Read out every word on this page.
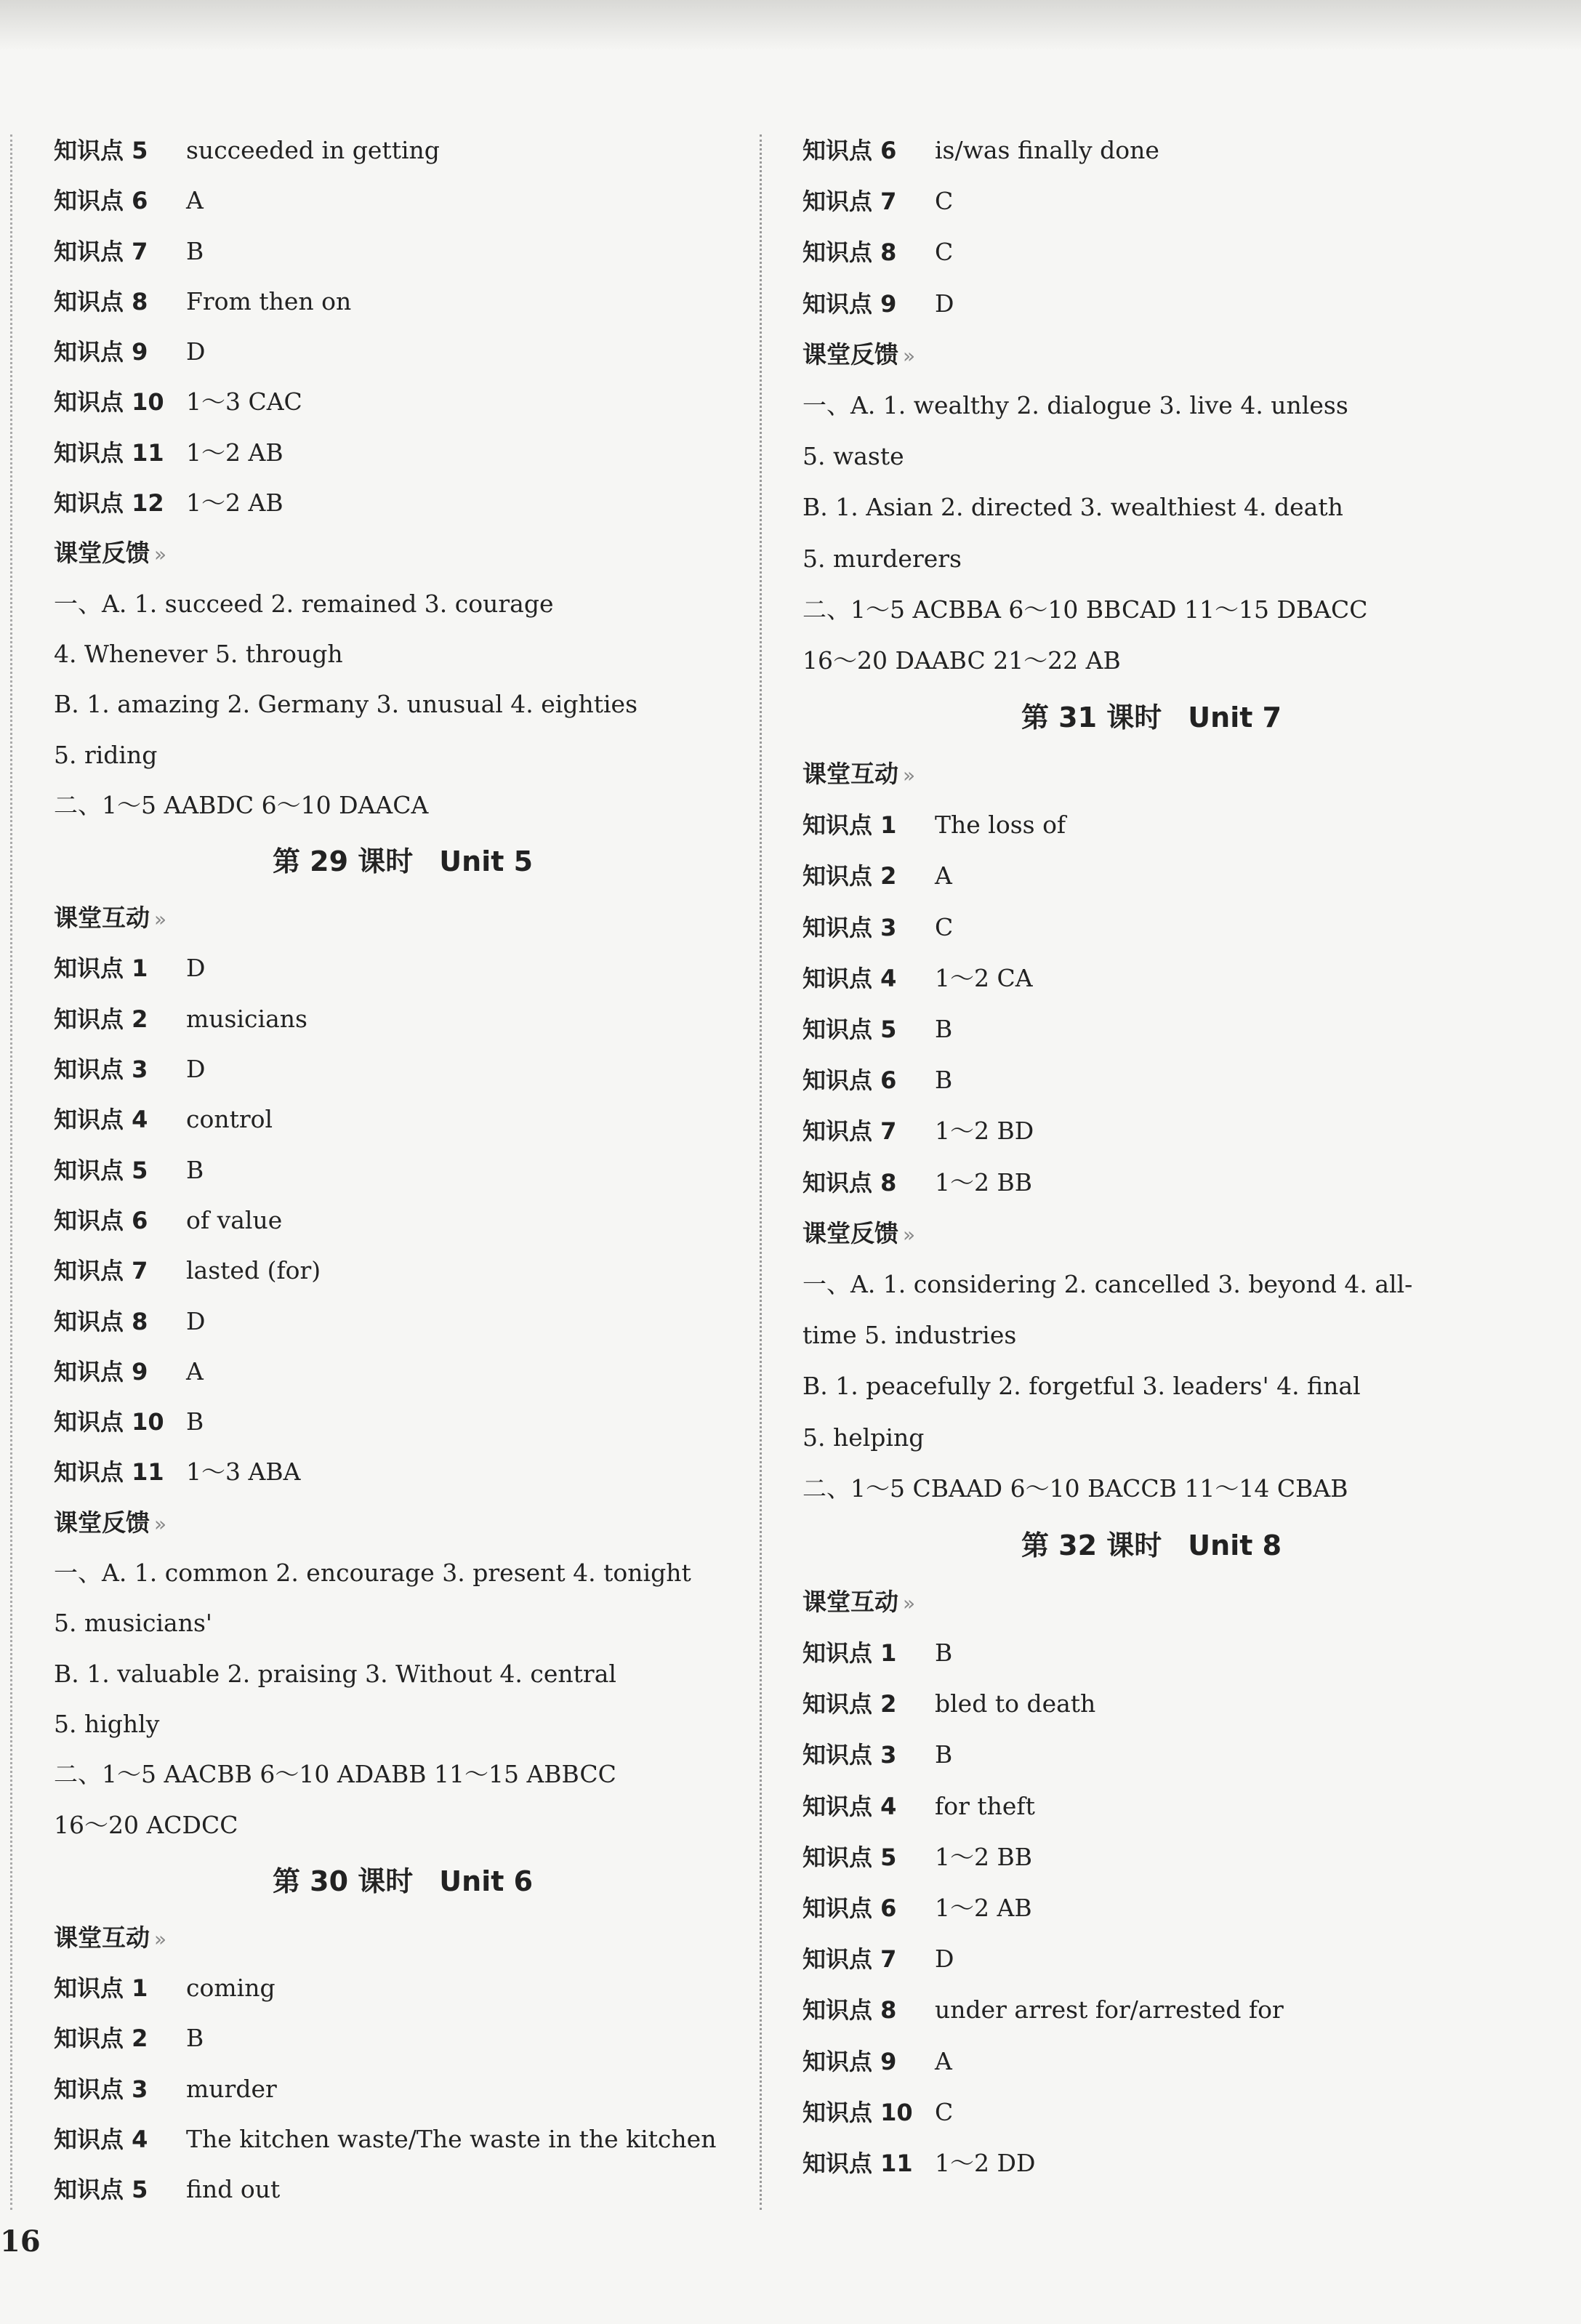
知识点 5 succeeded in getting
知识点 6 A
知识点 7 B
知识点 8 From then on
知识点 9 D
知识点 10 1～3 CAC
知识点 11 1～2 AB
知识点 12 1～2 AB
课堂反馈 »
一、A. 1. succeed 2. remained 3. courage
4. Whenever 5. through
B. 1. amazing 2. Germany 3. unusual 4. eighties
5. riding
二、1～5 AABDC 6～10 DAACA
第 29 课时 Unit 5
课堂互动 »
知识点 1 D
知识点 2 musicians
知识点 3 D
知识点 4 control
知识点 5 B
知识点 6 of value
知识点 7 lasted (for)
知识点 8 D
知识点 9 A
知识点 10 B
知识点 11 1～3 ABA
课堂反馈 »
一、A. 1. common 2. encourage 3. present 4. tonight
5. musicians'
B. 1. valuable 2. praising 3. Without 4. central
5. highly
二、1～5 AACBB 6～10 ADABB 11～15 ABBCC
16～20 ACDCC
第 30 课时 Unit 6
课堂互动 »
知识点 1 coming
知识点 2 B
知识点 3 murder
知识点 4 The kitchen waste/The waste in the kitchen
知识点 5 find out
知识点 6 is/was finally done
知识点 7 C
知识点 8 C
知识点 9 D
课堂反馈 »
一、A. 1. wealthy 2. dialogue 3. live 4. unless
5. waste
B. 1. Asian 2. directed 3. wealthiest 4. death
5. murderers
二、1～5 ACBBA 6～10 BBCAD 11～15 DBACC
16～20 DAABC 21～22 AB
第 31 课时 Unit 7
课堂互动 »
知识点 1 The loss of
知识点 2 A
知识点 3 C
知识点 4 1～2 CA
知识点 5 B
知识点 6 B
知识点 7 1～2 BD
知识点 8 1～2 BB
课堂反馈 »
一、A. 1. considering 2. cancelled 3. beyond 4. all-
time 5. industries
B. 1. peacefully 2. forgetful 3. leaders' 4. final
5. helping
二、1～5 CBAAD 6～10 BACCB 11～14 CBAB
第 32 课时 Unit 8
课堂互动 »
知识点 1 B
知识点 2 bled to death
知识点 3 B
知识点 4 for theft
知识点 5 1～2 BB
知识点 6 1～2 AB
知识点 7 D
知识点 8 under arrest for/arrested for
知识点 9 A
知识点 10 C
知识点 11 1～2 DD
16
